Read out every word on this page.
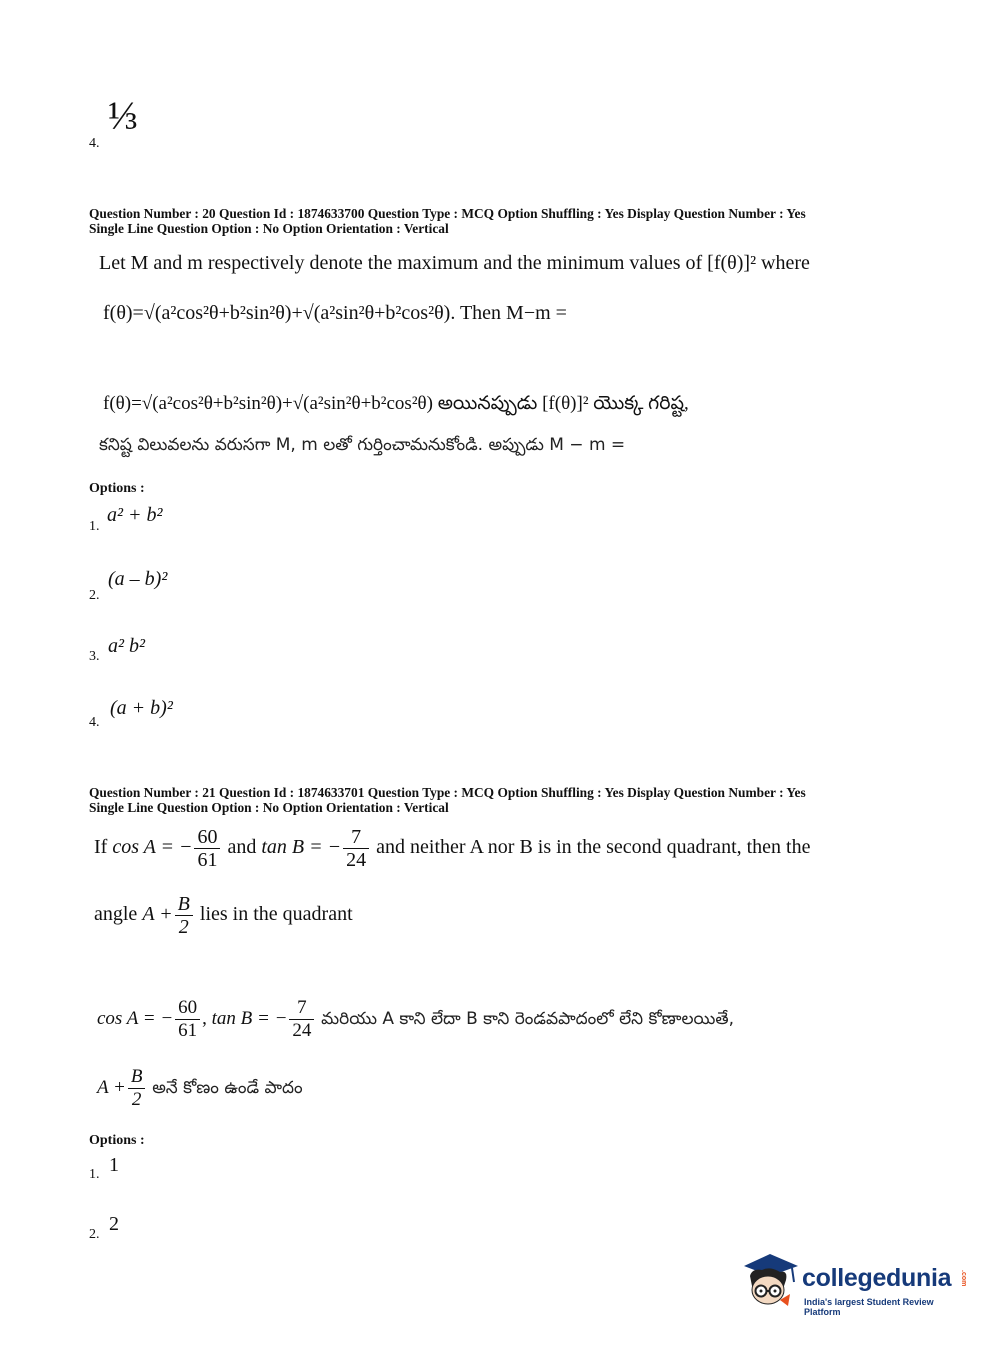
4.
⅓
Question Number : 20 Question Id : 1874633700 Question Type : MCQ Option Shuffling : Yes Display Question Number : Yes
Single Line Question Option : No Option Orientation : Vertical
Let M and m respectively denote the maximum and the minimum values of [f(θ)]² where
f(θ)=√(a²cos²θ+b²sin²θ)+√(a²sin²θ+b²cos²θ). Then M−m =
f(θ)=√(a²cos²θ+b²sin²θ)+√(a²sin²θ+b²cos²θ) అయినప్పుడు [f(θ)]² యొక్క గరిష్ట,
కనిష్ట విలువలను వరుసగా M, m లతో గుర్తించామనుకోండి. అప్పుడు M − m =
Options :
1.
a² + b²
2.
(a – b)²
3. a² b²
4.
(a + b)²
Question Number : 21 Question Id : 1874633701 Question Type : MCQ Option Shuffling : Yes Display Question Number : Yes
Single Line Question Option : No Option Orientation : Vertical
If cos A = − $\frac{60}{61}$ and tan B = − $\frac{7}{24}$ and neither A nor B is in the second quadrant, then the
angle $A + \frac{B}{2}$ lies in the quadrant
cos A = − $\frac{60}{61}$ , tan B = − $\frac{7}{24}$ మరియు A కాని లేదా B కాని రెండవపాదంలో లేని కోణాలయితే,
$A + \frac{B}{2}$ అనే కోణం ఉండే పాదం
Options :
1. 1
2. 2
collegedunia .com
India's largest Student Review Platform
